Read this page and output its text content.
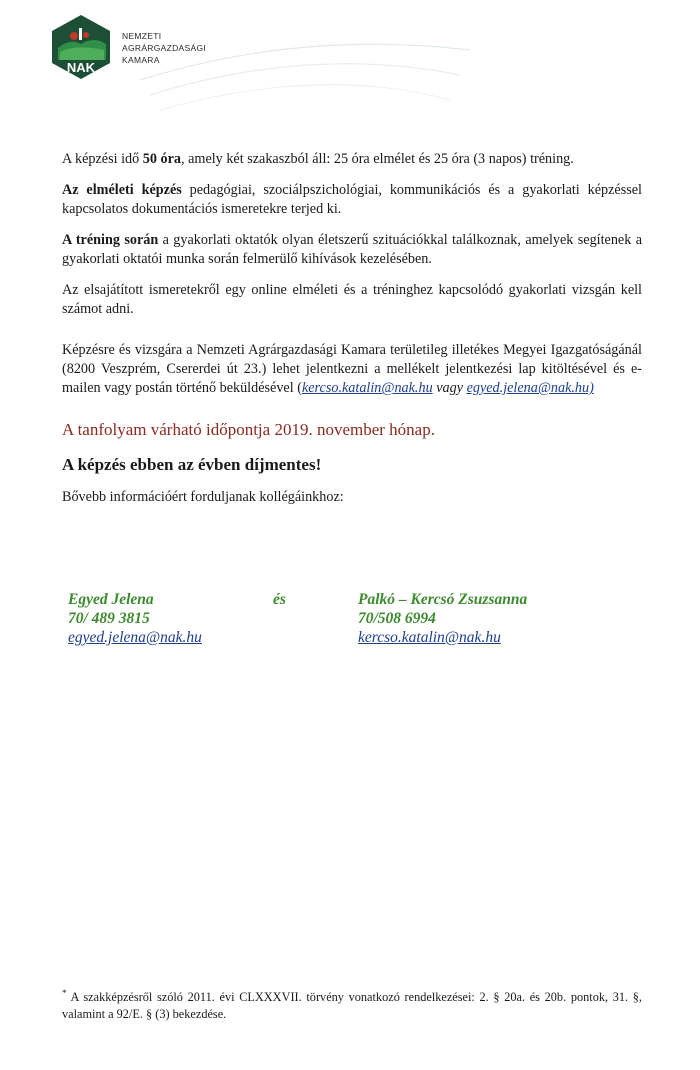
NAK
NEMZETI
AGRÁRGAZDASÁGI
KAMARA

A képzési idő 50 óra, amely két szakaszból áll: 25 óra elmélet és 25 óra (3 napos) tréning.

Az elméleti képzés pedagógiai, szociálpszichológiai, kommunikációs és a gyakorlati képzéssel kapcsolatos dokumentációs ismeretekre terjed ki.

A tréning során a gyakorlati oktatók olyan életszerű szituációkkal találkoznak, amelyek segítenek a gyakorlati oktatói munka során felmerülő kihívások kezelésében.

Az elsajátított ismeretekről egy online elméleti és a tréninghez kapcsolódó gyakorlati vizsgán kell számot adni.

Képzésre és vizsgára a Nemzeti Agrárgazdasági Kamara területileg illetékes Megyei Igazgatóságánál (8200 Veszprém, Csererdei út 23.) lehet jelentkezni a mellékelt jelentkezési lap kitöltésével és e-mailen vagy postán történő beküldésével (kercso.katalin@nak.hu vagy egyed.jelena@nak.hu)

A tanfolyam várható időpontja 2019. november hónap.

A képzés ebben az évben díjmentes!

Bővebb információért forduljanak kollégáinkhoz:

Egyed Jelena
70/ 489 3815
egyed.jelena@nak.hu
és	Palkó – Kercsó Zsuzsanna
70/508 6994
kercso.katalin@nak.hu
* A szakképzésről szóló 2011. évi CLXXXVII. törvény vonatkozó rendelkezései: 2. § 20a. és 20b. pontok, 31. §, valamint a 92/E. § (3) bekezdése.
